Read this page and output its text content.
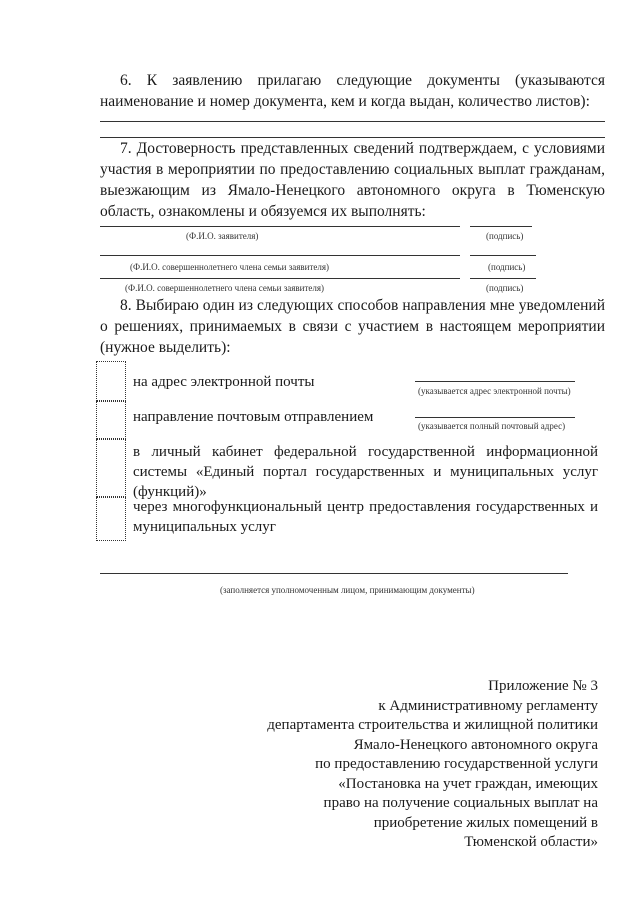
6. К заявлению прилагаю следующие документы (указываются наименование и номер документа, кем и когда выдан, количество листов):
7. Достоверность представленных сведений подтверждаем, с условиями участия в мероприятии по предоставлению социальных выплат гражданам, выезжающим из Ямало-Ненецкого автономного округа в Тюменскую область, ознакомлены и обязуемся их выполнять:
(Ф.И.О. заявителя)	(подпись)
(Ф.И.О. совершеннолетнего члена семьи заявителя)	(подпись)
(Ф.И.О. совершеннолетнего члена семьи заявителя)	(подпись)
8. Выбираю один из следующих способов направления мне уведомлений о решениях, принимаемых в связи с участием в настоящем мероприятии (нужное выделить):
на адрес электронной почты
(указывается адрес электронной почты)
направление почтовым отправлением
(указывается полный почтовый адрес)
в личный кабинет федеральной государственной информационной системы «Единый портал государственных и муниципальных услуг (функций)»
через многофункциональный центр предоставления государственных и муниципальных услуг
(заполняется уполномоченным лицом, принимающим документы)
Приложение № 3
к Административному регламенту
департамента строительства и жилищной политики
Ямало-Ненецкого автономного округа
по предоставлению государственной услуги
«Постановка на учет граждан, имеющих
право на получение социальных выплат на
приобретение жилых помещений в
Тюменской области»
